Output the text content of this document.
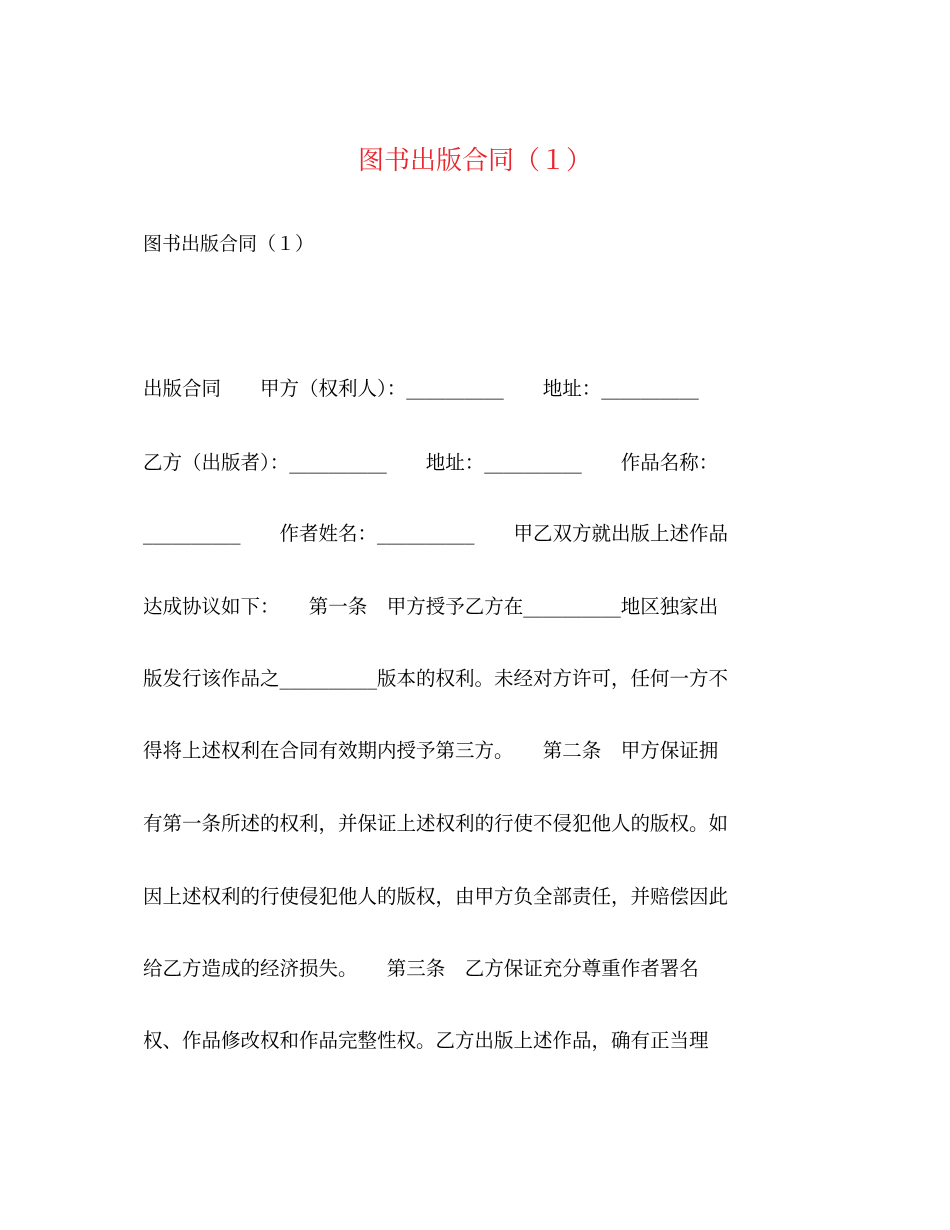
图书出版合同（１）
图书出版合同（１）
出版合同　　甲方（权利人）：__________　　地址：__________
乙方（出版者）：__________　　地址：__________　　作品名称：
__________　　作者姓名：__________　　甲乙双方就出版上述作品
达成协议如下：　　第一条　甲方授予乙方在__________地区独家出
版发行该作品之__________版本的权利。未经对方许可，任何一方不
得将上述权利在合同有效期内授予第三方。　　第二条　甲方保证拥
有第一条所述的权利，并保证上述权利的行使不侵犯他人的版权。如
因上述权利的行使侵犯他人的版权，由甲方负全部责任，并赔偿因此
给乙方造成的经济损失。　　第三条　乙方保证充分尊重作者署名
权、作品修改权和作品完整性权。乙方出版上述作品，确有正当理
